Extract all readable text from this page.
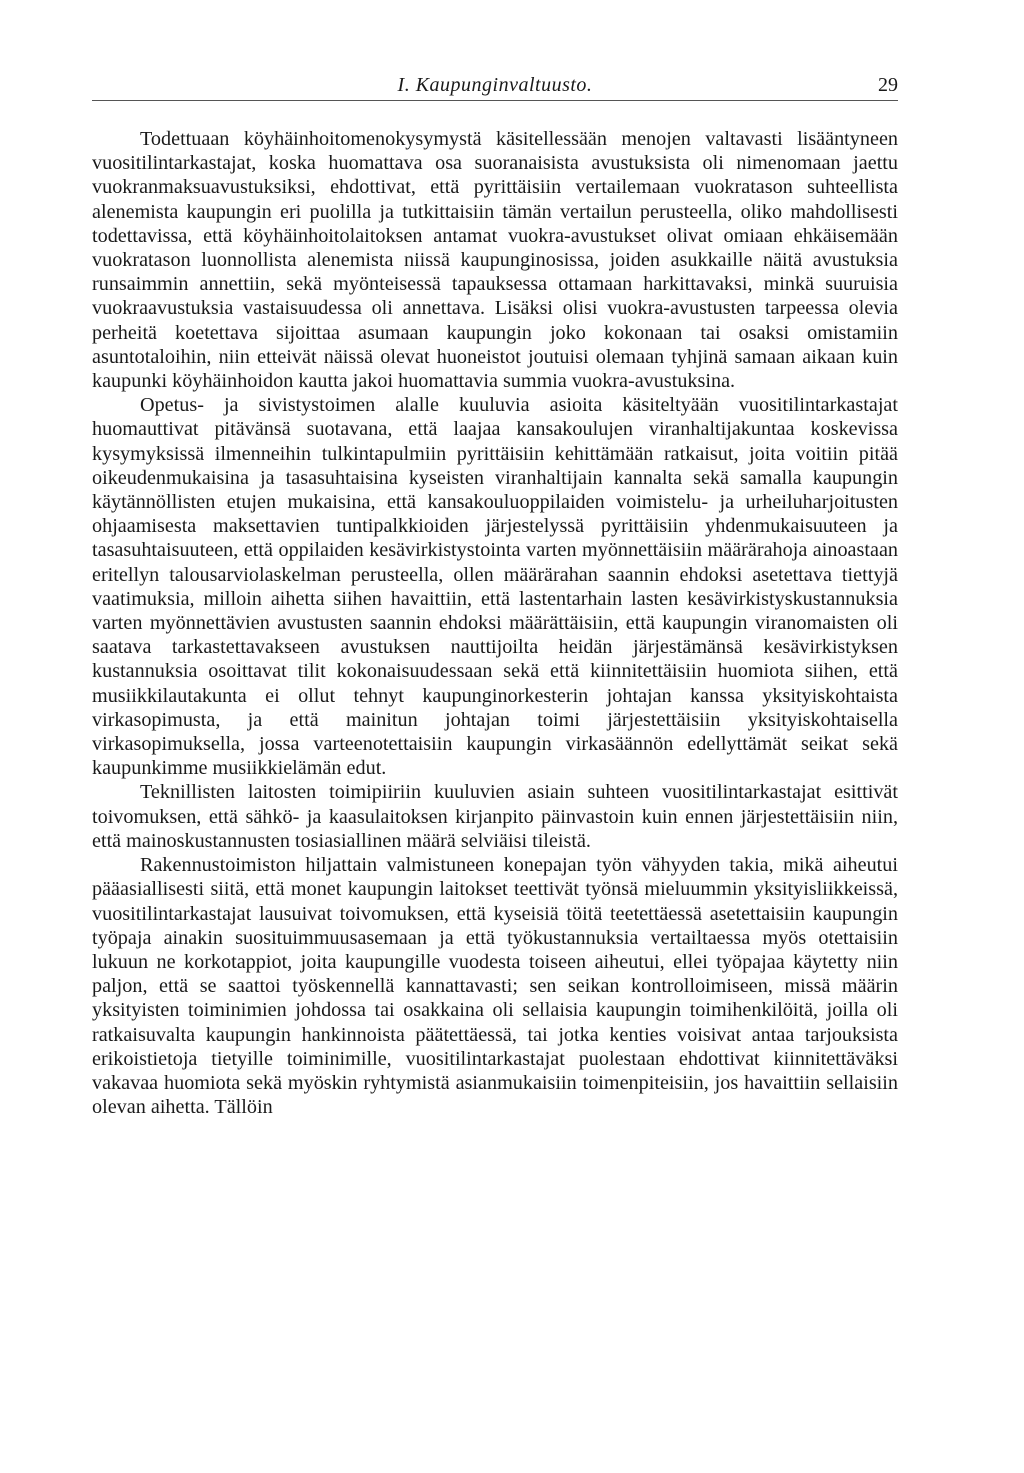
I. Kaupunginvaltuusto.	29

Todettuaan köyhäinhoitomenokysymystä käsitellessään menojen valtavasti lisääntyneen vuositilintarkastajat, koska huomattava osa suoranaisista avustuksista oli nimenomaan jaettu vuokranmaksuavustuksiksi, ehdottivat, että pyrittäisiin vertailemaan vuokratason suhteellista alenemista kaupungin eri puolilla ja tutkittaisiin tämän vertailun perusteella, oliko mahdollisesti todettavissa, että köyhäinhoitolaitoksen antamat vuokra-avustukset olivat omiaan ehkäisemään vuokratason luonnollista alenemista niissä kaupunginosissa, joiden asukkaille näitä avustuksia runsaimmin annettiin, sekä myönteisessä tapauksessa ottamaan harkittavaksi, minkä suuruisia vuokraavustuksia vastaisuudessa oli annettava. Lisäksi olisi vuokra-avustusten tarpeessa olevia perheitä koetettava sijoittaa asumaan kaupungin joko kokonaan tai osaksi omistamiin asuntotaloihin, niin etteivät näissä olevat huoneistot joutuisi olemaan tyhjinä samaan aikaan kuin kaupunki köyhäinhoidon kautta jakoi huomattavia summia vuokra-avustuksina.

Opetus- ja sivistystoimen alalle kuuluvia asioita käsiteltyään vuositilintarkastajat huomauttivat pitävänsä suotavana, että laajaa kansakoulujen viranhaltijakuntaa koskevissa kysymyksissä ilmenneihin tulkintapulmiin pyrittäisiin kehittämään ratkaisut, joita voitiin pitää oikeudenmukaisina ja tasasuhtaisina kyseisten viranhaltijain kannalta sekä samalla kaupungin käytännöllisten etujen mukaisina, että kansakouluoppilaiden voimistelu- ja urheiluharjoitusten ohjaamisesta maksettavien tuntipalkkioiden järjestelyssä pyrittäisiin yhdenmukaisuuteen ja tasasuhtaisuuteen, että oppilaiden kesävirkistystointa varten myönnettäisiin määrärahoja ainoastaan eritellyn talousarviolaskelman perusteella, ollen määrärahan saannin ehdoksi asetettava tiettyjä vaatimuksia, milloin aihetta siihen havaittiin, että lastentarhain lasten kesävirkistyskustannuksia varten myönnettävien avustusten saannin ehdoksi määrättäisiin, että kaupungin viranomaisten oli saatava tarkastettavakseen avustuksen nauttijoilta heidän järjestämänsä kesävirkistyksen kustannuksia osoittavat tilit kokonaisuudessaan sekä että kiinnitettäisiin huomiota siihen, että musiikkilautakunta ei ollut tehnyt kaupunginorkesterin johtajan kanssa yksityiskohtaista virkasopimusta, ja että mainitun johtajan toimi järjestettäisiin yksityiskohtaisella virkasopimuksella, jossa varteenotettaisiin kaupungin virkasäännön edellyttämät seikat sekä kaupunkimme musiikkielämän edut.

Teknillisten laitosten toimipiiriin kuuluvien asiain suhteen vuositilintarkastajat esittivät toivomuksen, että sähkö- ja kaasulaitoksen kirjanpito päinvastoin kuin ennen järjestettäisiin niin, että mainoskustannusten tosiasiallinen määrä selviäisi tileistä.

Rakennustoimiston hiljattain valmistuneen konepajan työn vähyyden takia, mikä aiheutui pääasiallisesti siitä, että monet kaupungin laitokset teettivät työnsä mieluummin yksityisliikkeissä, vuositilintarkastajat lausuivat toivomuksen, että kyseisiä töitä teetettäessä asetettaisiin kaupungin työpaja ainakin suosituimmuusasemaan ja että työkustannuksia vertailtaessa myös otettaisiin lukuun ne korkotappiot, joita kaupungille vuodesta toiseen aiheutui, ellei työpajaa käytetty niin paljon, että se saattoi työskennellä kannattavasti; sen seikan kontrolloimiseen, missä määrin yksityisten toiminimien johdossa tai osakkaina oli sellaisia kaupungin toimihenkilöitä, joilla oli ratkaisuvalta kaupungin hankinnoista päätettäessä, tai jotka kenties voisivat antaa tarjouksista erikoistietoja tietyille toiminimille, vuositilintarkastajat puolestaan ehdottivat kiinnitettäväksi vakavaa huomiota sekä myöskin ryhtymistä asianmukaisiin toimenpiteisiin, jos havaittiin sellaisiin olevan aihetta. Tällöin
